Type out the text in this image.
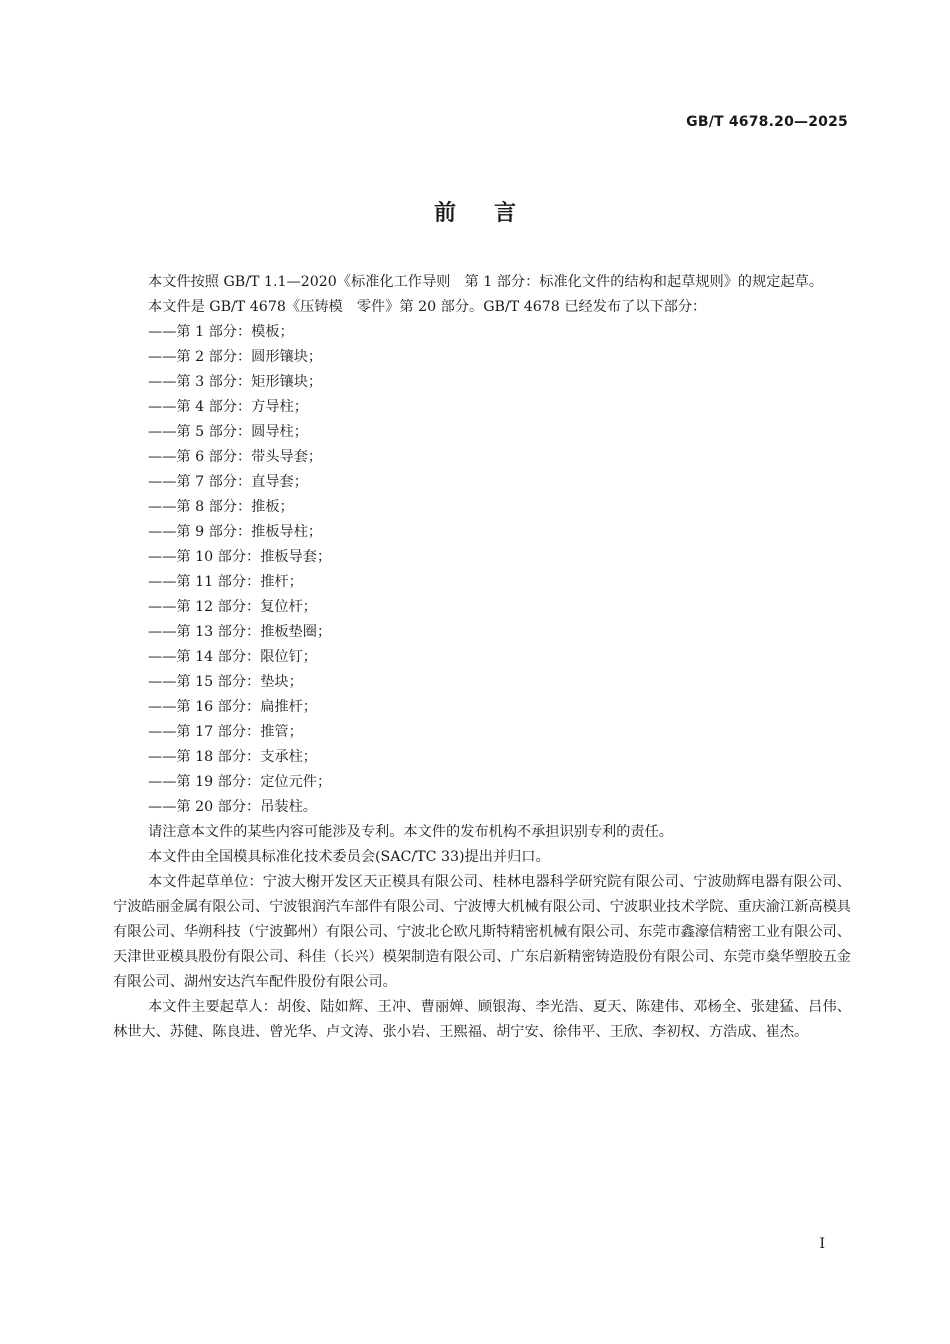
GB/T 4678.20—2025
前言

本文件按照 GB/T 1.1—2020《标准化工作导则　第 1 部分：标准化文件的结构和起草规则》的规定起草。

本文件是 GB/T 4678《压铸模　零件》第 20 部分。GB/T 4678 已经发布了以下部分：

——第 1 部分：模板；
——第 2 部分：圆形镶块；
——第 3 部分：矩形镶块；
——第 4 部分：方导柱；
——第 5 部分：圆导柱；
——第 6 部分：带头导套；
——第 7 部分：直导套；
——第 8 部分：推板；
——第 9 部分：推板导柱；
——第 10 部分：推板导套；
——第 11 部分：推杆；
——第 12 部分：复位杆；
——第 13 部分：推板垫圈；
——第 14 部分：限位钉；
——第 15 部分：垫块；
——第 16 部分：扁推杆；
——第 17 部分：推管；
——第 18 部分：支承柱；
——第 19 部分：定位元件；
——第 20 部分：吊装柱。

请注意本文件的某些内容可能涉及专利。本文件的发布机构不承担识别专利的责任。

本文件由全国模具标准化技术委员会(SAC/TC 33)提出并归口。

本文件起草单位：宁波大榭开发区天正模具有限公司、桂林电器科学研究院有限公司、宁波勋辉电器有限公司、宁波皓丽金属有限公司、宁波银润汽车部件有限公司、宁波博大机械有限公司、宁波职业技术学院、重庆渝江新高模具有限公司、华朔科技（宁波鄞州）有限公司、宁波北仑欧凡斯特精密机械有限公司、东莞市鑫濠信精密工业有限公司、天津世亚模具股份有限公司、科佳（长兴）模架制造有限公司、广东启新精密铸造股份有限公司、东莞市燊华塑胶五金有限公司、湖州安达汽车配件股份有限公司。

本文件主要起草人：胡俊、陆如辉、王冲、曹丽婵、顾银海、李光浩、夏天、陈建伟、邓杨全、张建猛、吕伟、林世大、苏健、陈良进、曾光华、卢文涛、张小岩、王熙福、胡宁安、徐伟平、王欣、李初权、方浩成、崔杰。

I
